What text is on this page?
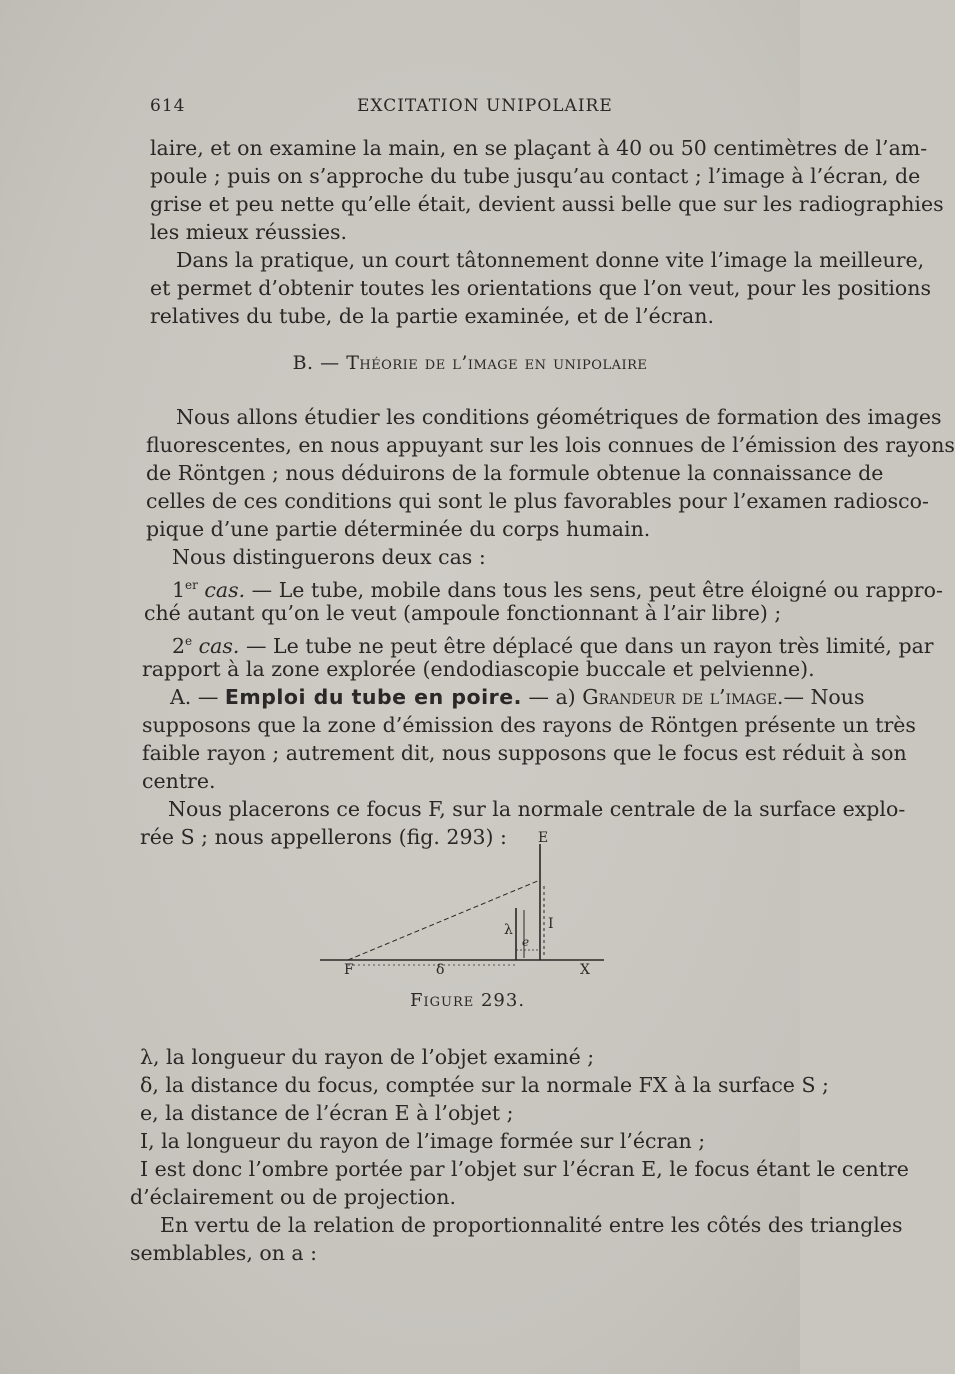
614	EXCITATION UNIPOLAIRE
laire, et on examine la main, en se plaçant à 40 ou 50 centimètres de l’am-
poule ; puis on s’approche du tube jusqu’au contact ; l’image à l’écran, de
grise et peu nette qu’elle était, devient aussi belle que sur les radiographies
les mieux réussies.
Dans la pratique, un court tâtonnement donne vite l’image la meilleure,
et permet d’obtenir toutes les orientations que l’on veut, pour les positions
relatives du tube, de la partie examinée, et de l’écran.
B. — Théorie de l’image en unipolaire
Nous allons étudier les conditions géométriques de formation des images
fluorescentes, en nous appuyant sur les lois connues de l’émission des rayons
de Röntgen ; nous déduirons de la formule obtenue la connaissance de
celles de ces conditions qui sont le plus favorables pour l’examen radiosco-
pique d’une partie déterminée du corps humain.
Nous distinguerons deux cas :
1er cas. — Le tube, mobile dans tous les sens, peut être éloigné ou rappro-
ché autant qu’on le veut (ampoule fonctionnant à l’air libre) ;
2e cas. — Le tube ne peut être déplacé que dans un rayon très limité, par
rapport à la zone explorée (endodiascopie buccale et pelvienne).
A. — Emploi du tube en poire. — a) Grandeur de l’image.— Nous
supposons que la zone d’émission des rayons de Röntgen présente un très
faible rayon ; autrement dit, nous supposons que le focus est réduit à son
centre.
Nous placerons ce focus F, sur la normale centrale de la surface explo-
rée S ; nous appellerons (fig. 293) :	E
F	δ	X
λ
e
I
Figure 293.
λ, la longueur du rayon de l’objet examiné ;
δ, la distance du focus, comptée sur la normale FX à la surface S ;
e, la distance de l’écran E à l’objet ;
I, la longueur du rayon de l’image formée sur l’écran ;
I est donc l’ombre portée par l’objet sur l’écran E, le focus étant le centre
d’éclairement ou de projection.
En vertu de la relation de proportionnalité entre les côtés des triangles
semblables, on a :
